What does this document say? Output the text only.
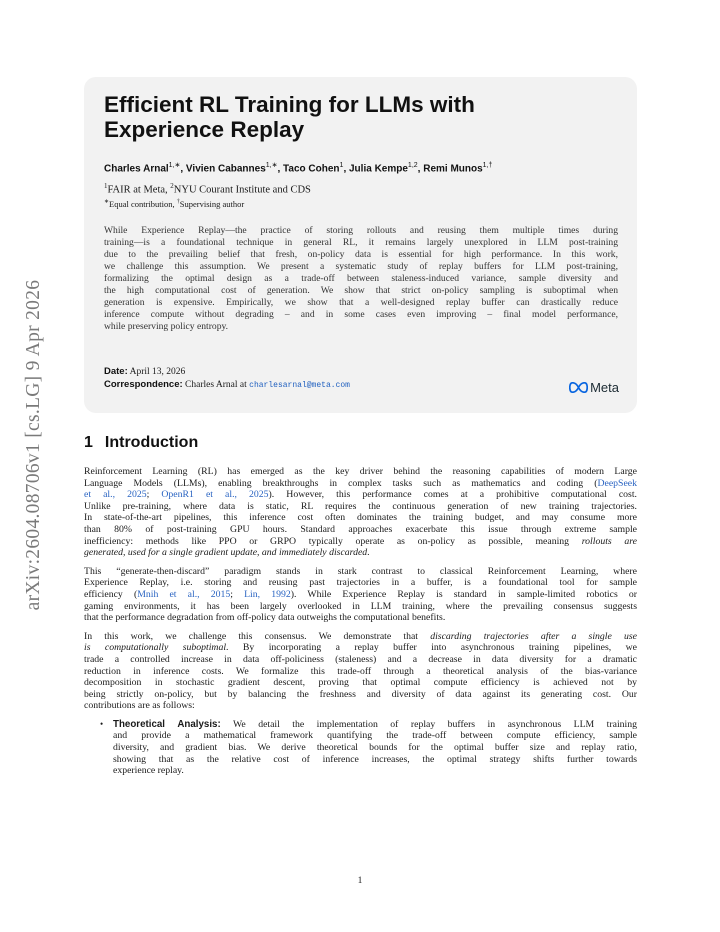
arXiv:2604.08706v1 [cs.LG] 9 Apr 2026
Efficient RL Training for LLMs with
Experience Replay
Charles Arnal$^{1,∗}$, Vivien Cabannes$^{1,∗}$, Taco Cohen$^1$, Julia Kempe$^{1,2}$, Remi Munos$^{1,\dagger}$
$^1$FAIR at Meta, $^2$NYU Courant Institute and CDS
∗Equal contribution, †Supervising author
While Experience Replay—the practice of storing rollouts and reusing them multiple times during
training—is a foundational technique in general RL, it remains largely unexplored in LLM post-training
due to the prevailing belief that fresh, on-policy data is essential for high performance. In this work,
we challenge this assumption. We present a systematic study of replay buffers for LLM post-training,
formalizing the optimal design as a trade-off between staleness-induced variance, sample diversity and
the high computational cost of generation. We show that strict on-policy sampling is suboptimal when
generation is expensive. Empirically, we show that a well-designed replay buffer can drastically reduce
inference compute without degrading – and in some cases even improving – final model performance,
while preserving policy entropy.
Date: April 13, 2026
Correspondence: Charles Arnal at charlesarnal@meta.com	Meta
1 Introduction

Reinforcement Learning (RL) has emerged as the key driver behind the reasoning capabilities of modern Large
Language Models (LLMs), enabling breakthroughs in complex tasks such as mathematics and coding (DeepSeek
et al., 2025; OpenR1 et al., 2025). However, this performance comes at a prohibitive computational cost.
Unlike pre-training, where data is static, RL requires the continuous generation of new training trajectories.
In state-of-the-art pipelines, this inference cost often dominates the training budget, and may consume more
than 80% of post-training GPU hours. Standard approaches exacerbate this issue through extreme sample
inefficiency: methods like PPO or GRPO typically operate as on-policy as possible, meaning rollouts are
generated, used for a single gradient update, and immediately discarded.

This “generate-then-discard” paradigm stands in stark contrast to classical Reinforcement Learning, where
Experience Replay, i.e. storing and reusing past trajectories in a buffer, is a foundational tool for sample
efficiency (Mnih et al., 2015; Lin, 1992). While Experience Replay is standard in sample-limited robotics or
gaming environments, it has been largely overlooked in LLM training, where the prevailing consensus suggests
that the performance degradation from off-policy data outweighs the computational benefits.

In this work, we challenge this consensus. We demonstrate that discarding trajectories after a single use
is computationally suboptimal. By incorporating a replay buffer into asynchronous training pipelines, we
trade a controlled increase in data off-policiness (staleness) and a decrease in data diversity for a dramatic
reduction in inference costs. We formalize this trade-off through a theoretical analysis of the bias-variance
decomposition in stochastic gradient descent, proving that optimal compute efficiency is achieved not by
being strictly on-policy, but by balancing the freshness and diversity of data against its generating cost. Our
contributions are as follows:

• Theoretical Analysis: We detail the implementation of replay buffers in asynchronous LLM training
and provide a mathematical framework quantifying the trade-off between compute efficiency, sample
diversity, and gradient bias. We derive theoretical bounds for the optimal buffer size and replay ratio,
showing that as the relative cost of inference increases, the optimal strategy shifts further towards
experience replay.
1
